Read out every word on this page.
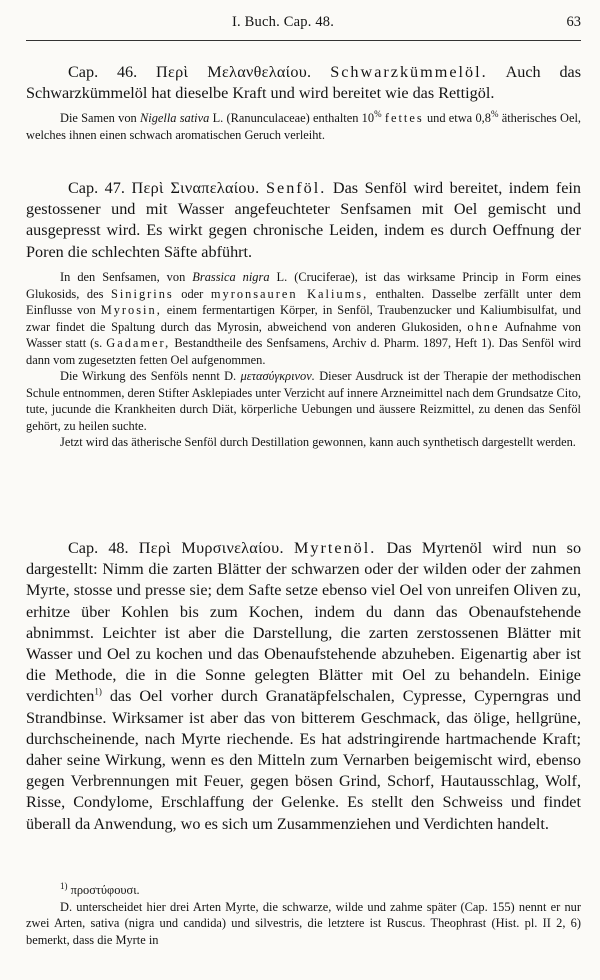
I. Buch. Cap. 48.	63

Cap. 46. Περὶ Μελανθελαίου. Schwarzkümmelöl. Auch das Schwarzkümmelöl hat dieselbe Kraft und wird bereitet wie das Rettigöl.

Die Samen von Nigella sativa L. (Ranunculaceae) enthalten 10% fettes und etwa 0,8% ätherisches Oel, welches ihnen einen schwach aromatischen Geruch verleiht.

Cap. 47. Περὶ Σιναπελαίου. Senföl. Das Senföl wird bereitet, indem fein gestossener und mit Wasser angefeuchteter Senfsamen mit Oel gemischt und ausgepresst wird. Es wirkt gegen chronische Leiden, indem es durch Oeffnung der Poren die schlechten Säfte abführt.

In den Senfsamen, von Brassica nigra L. (Cruciferae), ist das wirksame Princip in Form eines Glukosids, des Sinigrins oder myronsauren Kaliums, enthalten. Dasselbe zerfällt unter dem Einflusse von Myrosin, einem fermentartigen Körper, in Senföl, Traubenzucker und Kaliumbisulfat, und zwar findet die Spaltung durch das Myrosin, abweichend von anderen Glukosiden, ohne Aufnahme von Wasser statt (s. Gadamer, Bestandtheile des Senfsamens, Archiv d. Pharm. 1897, Heft 1). Das Senföl wird dann vom zugesetzten fetten Oel aufgenommen.

Die Wirkung des Senföls nennt D. μετασύγκρινον. Dieser Ausdruck ist der Therapie der methodischen Schule entnommen, deren Stifter Asklepiades unter Verzicht auf innere Arzneimittel nach dem Grundsatze Cito, tute, jucunde die Krankheiten durch Diät, körperliche Uebungen und äussere Reizmittel, zu denen das Senföl gehört, zu heilen suchte.

Jetzt wird das ätherische Senföl durch Destillation gewonnen, kann auch synthetisch dargestellt werden.

Cap. 48. Περὶ Μυρσινελαίου. Myrtenöl. Das Myrtenöl wird nun so dargestellt: Nimm die zarten Blätter der schwarzen oder der wilden oder der zahmen Myrte, stosse und presse sie; dem Safte setze ebenso viel Oel von unreifen Oliven zu, erhitze über Kohlen bis zum Kochen, indem du dann das Obenaufstehende abnimmst. Leichter ist aber die Darstellung, die zarten zerstossenen Blätter mit Wasser und Oel zu kochen und das Obenaufstehende abzuheben. Eigenartig aber ist die Methode, die in die Sonne gelegten Blätter mit Oel zu behandeln. Einige verdichten$^{1)}$ das Oel vorher durch Granatäpfelschalen, Cypresse, Cyperngras und Strandbinse. Wirksamer ist aber das von bitterem Geschmack, das ölige, hellgrüne, durchscheinende, nach Myrte riechende. Es hat adstringirende hartmachende Kraft; daher seine Wirkung, wenn es den Mitteln zum Vernarben beigemischt wird, ebenso gegen Verbrennungen mit Feuer, gegen bösen Grind, Schorf, Hautausschlag, Wolf, Risse, Condylome, Erschlaffung der Gelenke. Es stellt den Schweiss und findet überall da Anwendung, wo es sich um Zusammenziehen und Verdichten handelt.

$^{1)}$ προστύφουσι.

D. unterscheidet hier drei Arten Myrte, die schwarze, wilde und zahme später (Cap. 155) nennt er nur zwei Arten, sativa (nigra und candida) und silvestris, die letztere ist Ruscus. Theophrast (Hist. pl. II 2, 6) bemerkt, dass die Myrte in
